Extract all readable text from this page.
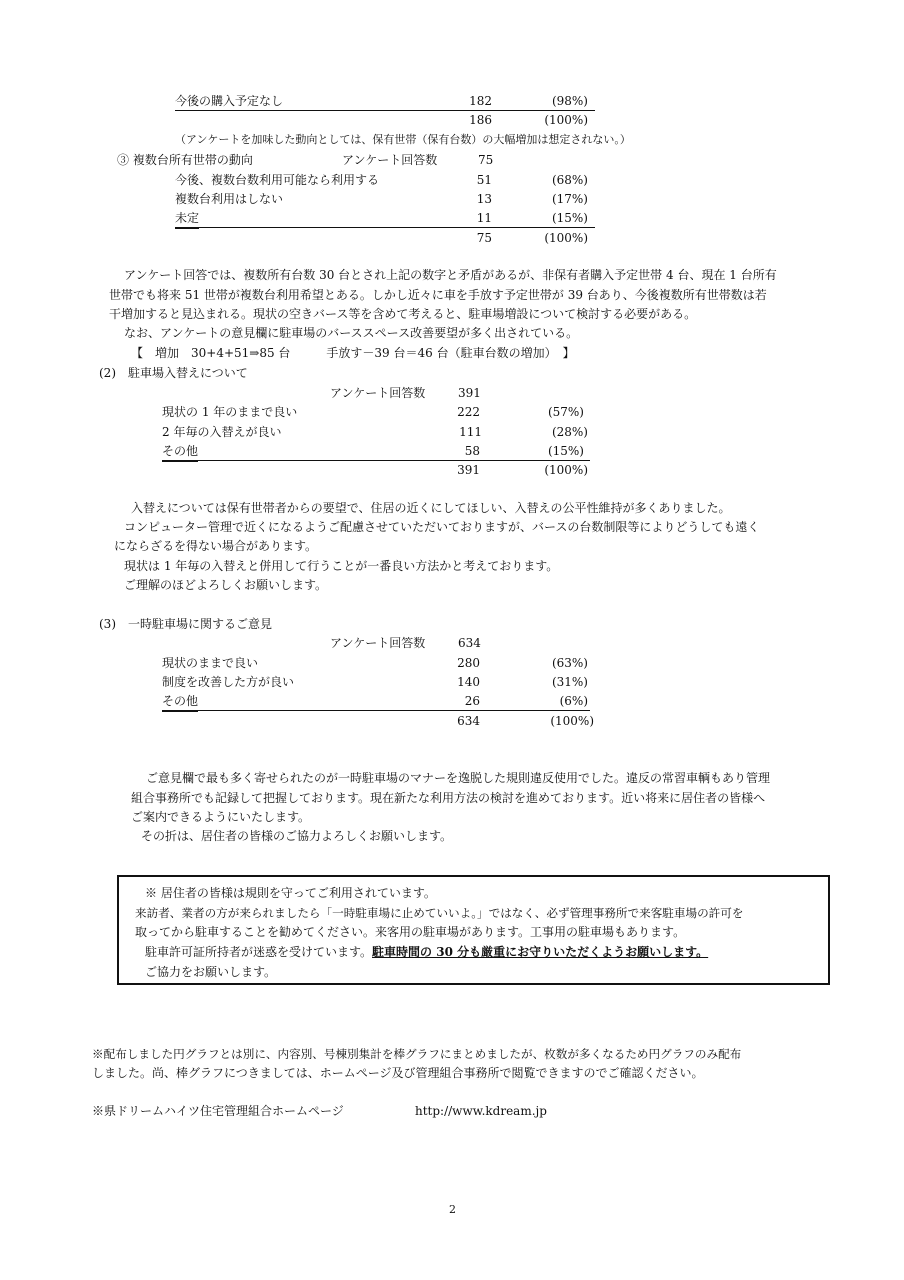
今後の購入予定なし	182	(98%)
186	(100%)
（アンケートを加味した動向としては、保有世帯（保有台数）の大幅増加は想定されない。）
③ 複数台所有世帯の動向	アンケート回答数	75
今後、複数台数利用可能なら利用する	51	(68%)
複数台利用はしない	13	(17%)
未定	11	(15%)
75	(100%)
アンケート回答では、複数所有台数 30 台とされ上記の数字と矛盾があるが、非保有者購入予定世帯 4 台、現在 1 台所有
世帯でも将来 51 世帯が複数台利用希望とある。しかし近々に車を手放す予定世帯が 39 台あり、今後複数所有世帯数は若
干増加すると見込まれる。現状の空きバース等を含めて考えると、駐車場増設について検討する必要がある。
なお、アンケートの意見欄に駐車場のバーススペース改善要望が多く出されている。
【　増加　30+4+51⇒85 台　　　手放す－39 台＝46 台（駐車台数の増加）　】
(2)　駐車場入替えについて
アンケート回答数	391
現状の 1 年のままで良い	222	(57%)
2 年毎の入替えが良い	111	(28%)
その他	58	(15%)
391	(100%)
入替えについては保有世帯者からの要望で、住居の近くにしてほしい、入替えの公平性維持が多くありました。
コンピューター管理で近くになるようご配慮させていただいておりますが、バースの台数制限等によりどうしても遠く
にならざるを得ない場合があります。
現状は 1 年毎の入替えと併用して行うことが一番良い方法かと考えております。
ご理解のほどよろしくお願いします。
(3)　一時駐車場に関するご意見
アンケート回答数	634
現状のままで良い	280	(63%)
制度を改善した方が良い	140	(31%)
その他	26	(6%)
634	(100%)
ご意見欄で最も多く寄せられたのが一時駐車場のマナーを逸脱した規則違反使用でした。違反の常習車輌もあり管理
組合事務所でも記録して把握しております。現在新たな利用方法の検討を進めております。近い将来に居住者の皆様へ
ご案内できるようにいたします。
その折は、居住者の皆様のご協力よろしくお願いします。
※ 居住者の皆様は規則を守ってご利用されています。
来訪者、業者の方が来られましたら「一時駐車場に止めていいよ。」ではなく、必ず管理事務所で来客駐車場の許可を
取ってから駐車することを勧めてください。来客用の駐車場があります。工事用の駐車場もあります。
駐車許可証所持者が迷惑を受けています。駐車時間の 30 分も厳重にお守りいただくようお願いします。
ご協力をお願いします。
※配布しました円グラフとは別に、内容別、号棟別集計を棒グラフにまとめましたが、枚数が多くなるため円グラフのみ配布
しました。尚、棒グラフにつきましては、ホームページ及び管理組合事務所で閲覧できますのでご確認ください。
※県ドリームハイツ住宅管理組合ホームページ	http://www.kdream.jp
2
